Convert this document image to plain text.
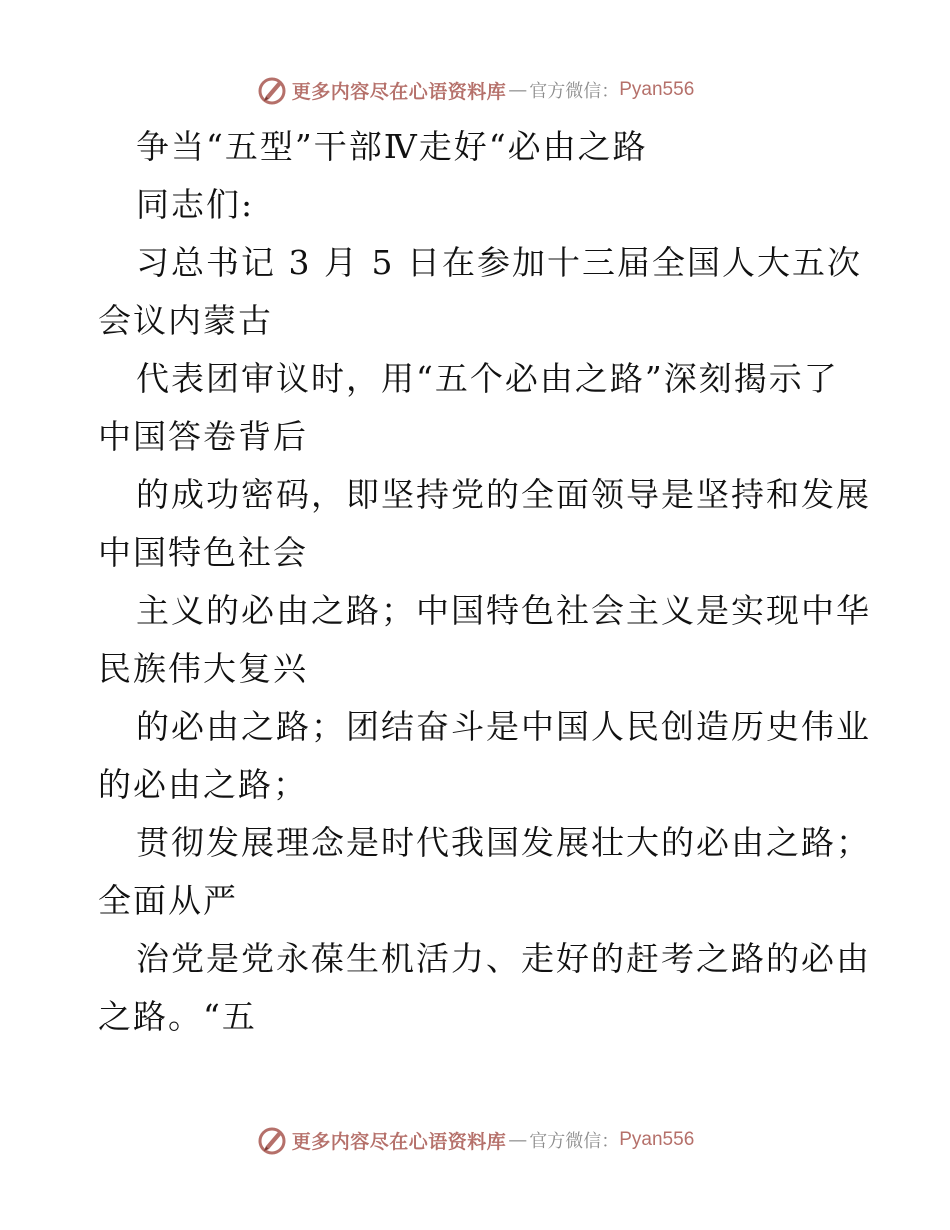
更多内容尽在心语资料库 — 官方微信： Pyan556
争当“五型”干部Ⅳ走好“必由之路
同志们:
习总书记 3 月 5 日在参加十三届全国人大五次
会议内蒙古
代表团审议时，用“五个必由之路”深刻揭示了
中国答卷背后
的成功密码，即坚持党的全面领导是坚持和发展
中国特色社会
主义的必由之路；中国特色社会主义是实现中华
民族伟大复兴
的必由之路；团结奋斗是中国人民创造历史伟业
的必由之路；
贯彻发展理念是时代我国发展壮大的必由之路；
全面从严
治党是党永葆生机活力、走好的赶考之路的必由
之路。“五
更多内容尽在心语资料库 — 官方微信： Pyan556
